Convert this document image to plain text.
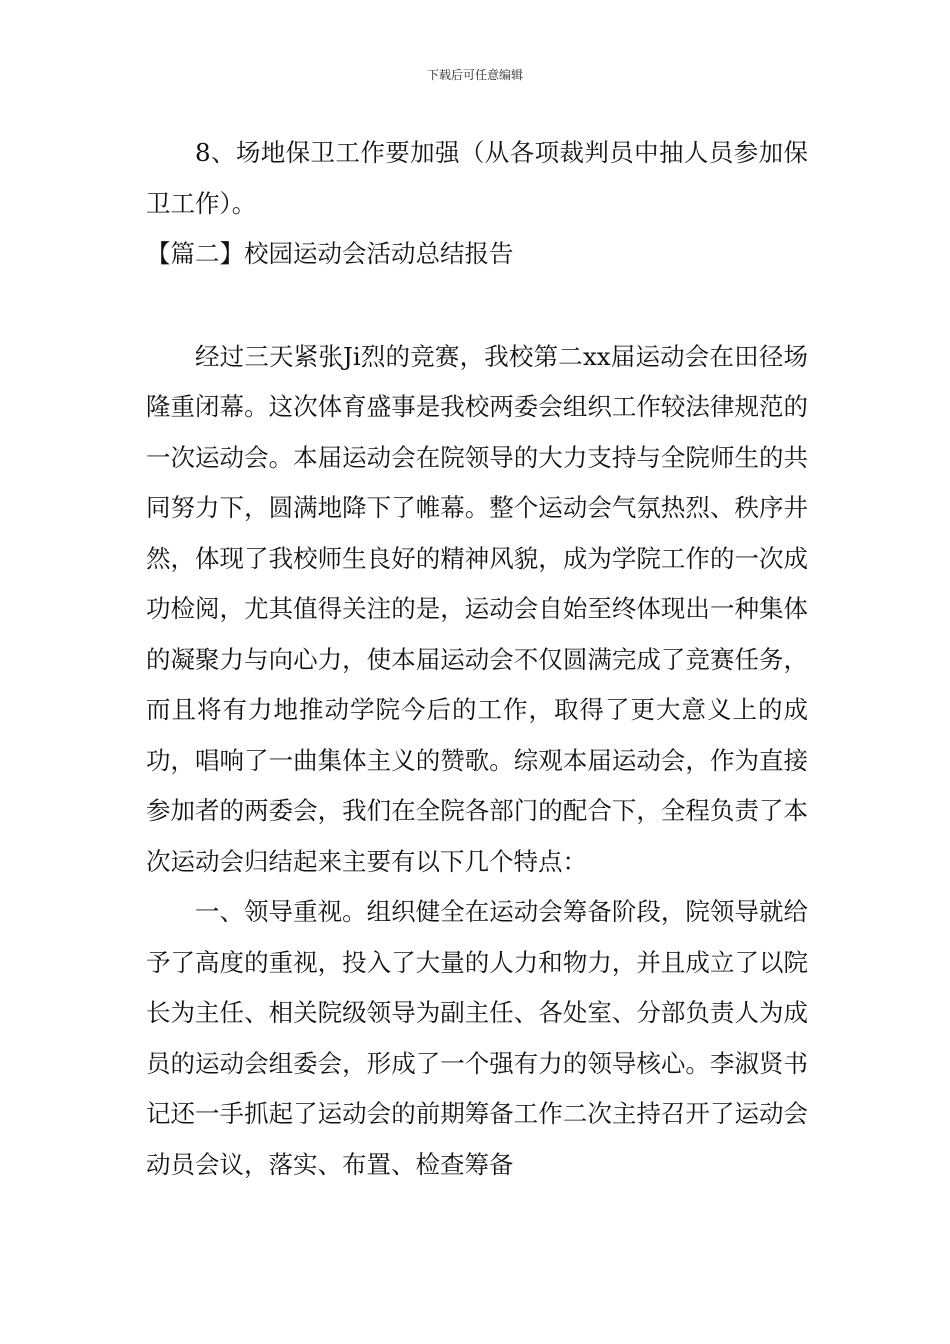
下载后可任意编辑

8、场地保卫工作要加强（从各项裁判员中抽人员参加保卫工作）。

【篇二】校园运动会活动总结报告

经过三天紧张Ji烈的竞赛，我校第二xx届运动会在田径场隆重闭幕。这次体育盛事是我校两委会组织工作较法律规范的一次运动会。本届运动会在院领导的大力支持与全院师生的共同努力下，圆满地降下了帷幕。整个运动会气氛热烈、秩序井然，体现了我校师生良好的精神风貌，成为学院工作的一次成功检阅，尤其值得关注的是，运动会自始至终体现出一种集体的凝聚力与向心力，使本届运动会不仅圆满完成了竞赛任务，而且将有力地推动学院今后的工作，取得了更大意义上的成功，唱响了一曲集体主义的赞歌。综观本届运动会，作为直接参加者的两委会，我们在全院各部门的配合下，全程负责了本次运动会归结起来主要有以下几个特点：

一、领导重视。组织健全在运动会筹备阶段，院领导就给予了高度的重视，投入了大量的人力和物力，并且成立了以院长为主任、相关院级领导为副主任、各处室、分部负责人为成员的运动会组委会，形成了一个强有力的领导核心。李淑贤书记还一手抓起了运动会的前期筹备工作二次主持召开了运动会动员会议，落实、布置、检查筹备
